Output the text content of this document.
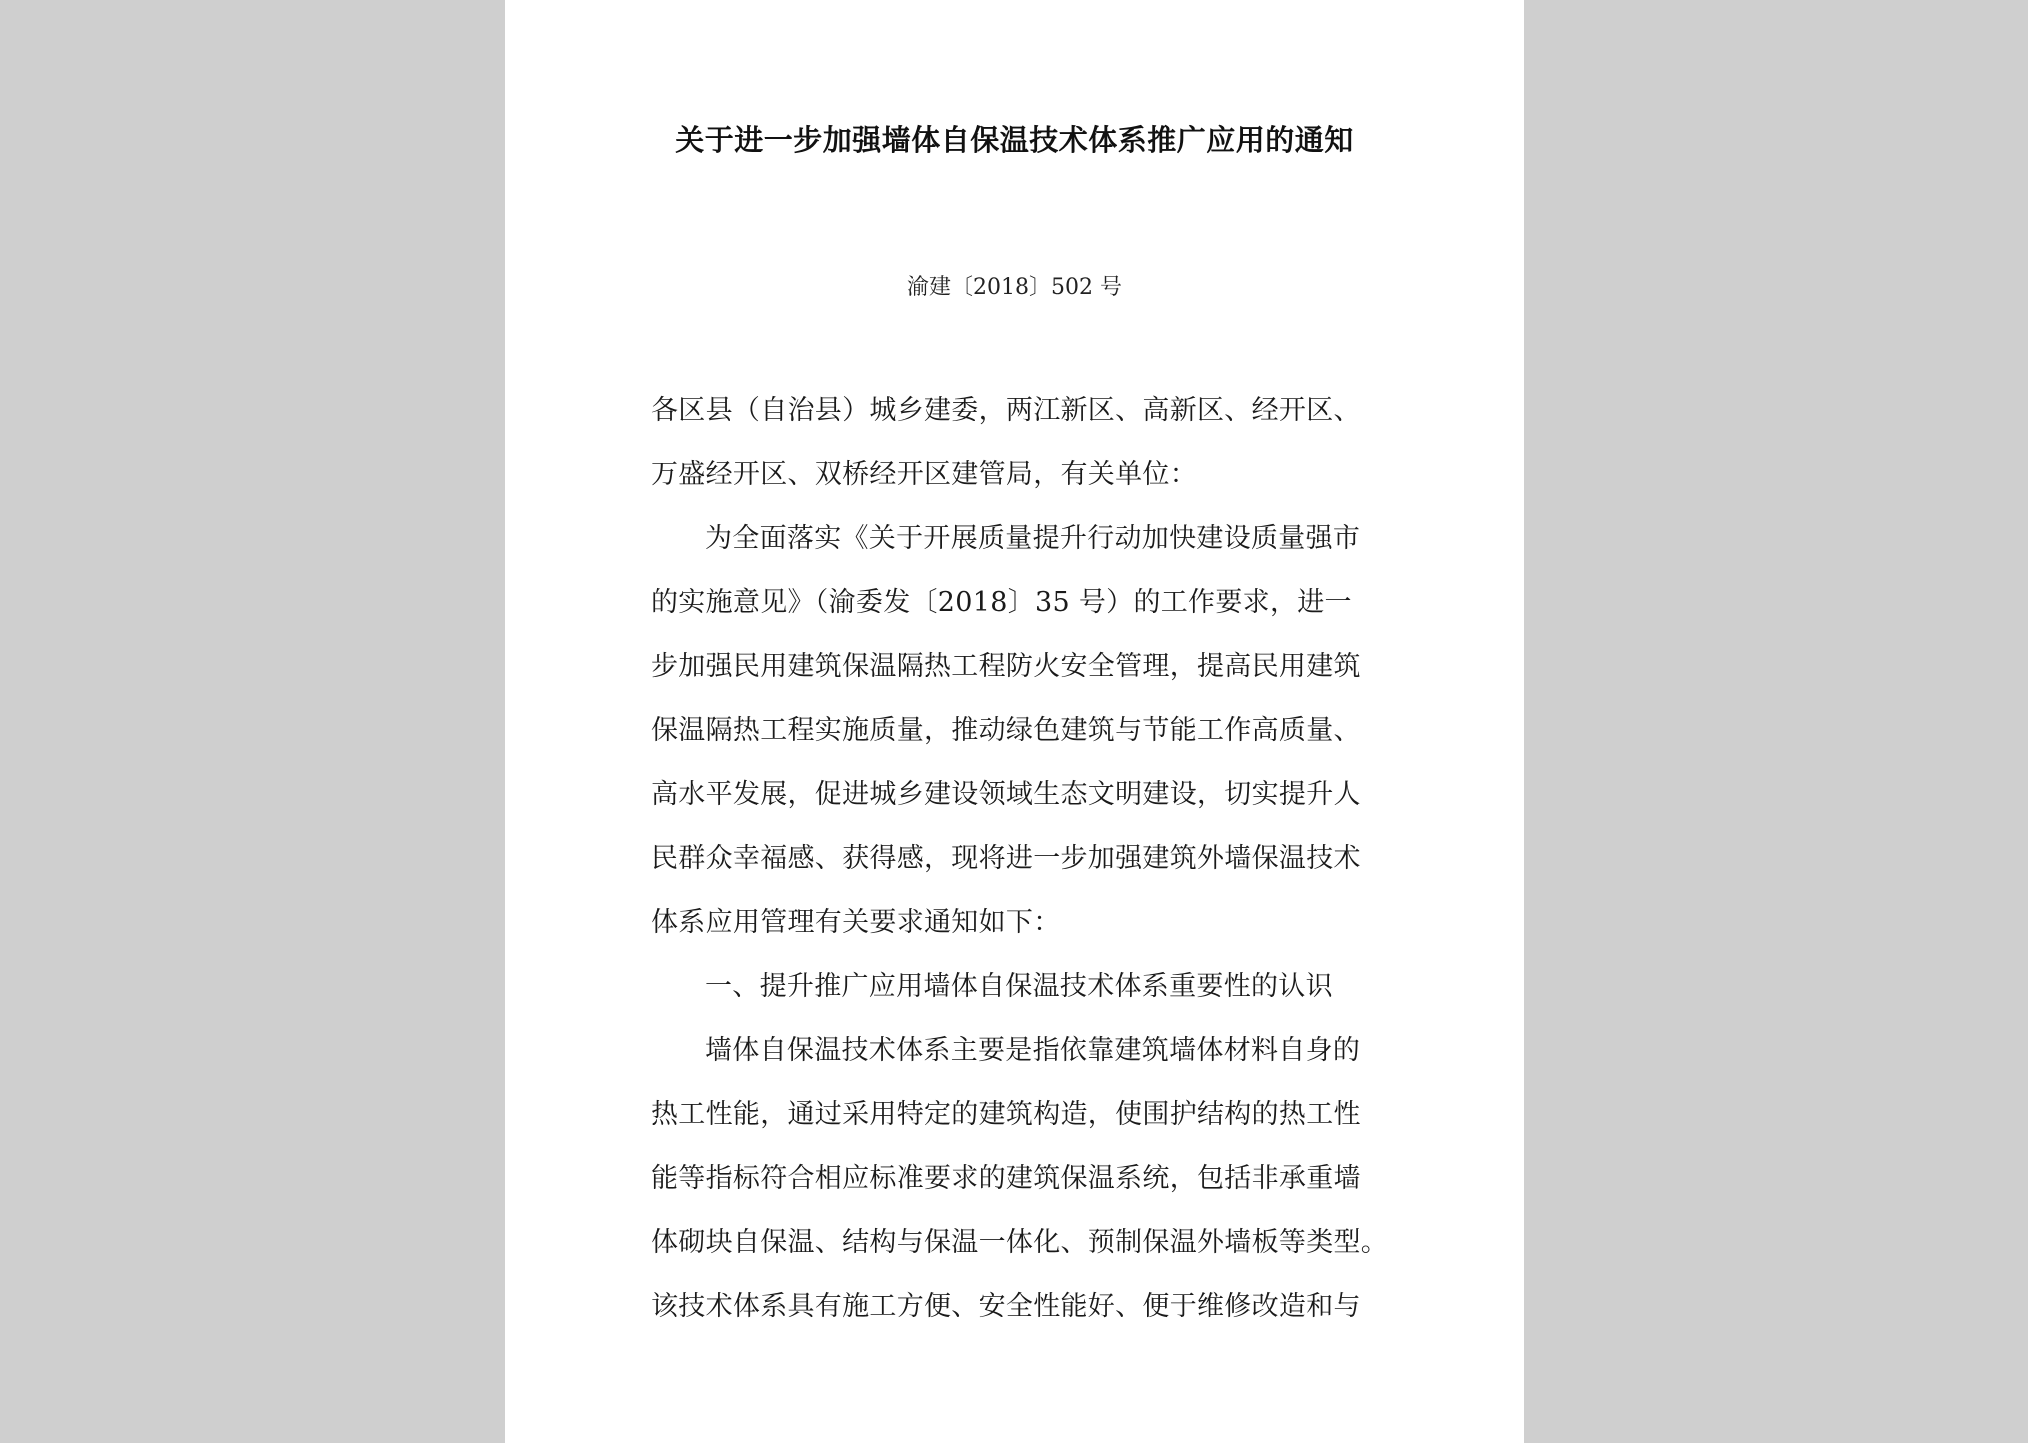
关于进一步加强墙体自保温技术体系推广应用的通知
渝建〔2018〕502 号
各区县（自治县）城乡建委，两江新区、高新区、经开区、
万盛经开区、双桥经开区建管局，有关单位：
为全面落实《关于开展质量提升行动加快建设质量强市
的实施意见》（渝委发〔2018〕35 号）的工作要求，进一
步加强民用建筑保温隔热工程防火安全管理，提高民用建筑
保温隔热工程实施质量，推动绿色建筑与节能工作高质量、
高水平发展，促进城乡建设领域生态文明建设，切实提升人
民群众幸福感、获得感，现将进一步加强建筑外墙保温技术
体系应用管理有关要求通知如下：
一、提升推广应用墙体自保温技术体系重要性的认识
墙体自保温技术体系主要是指依靠建筑墙体材料自身的
热工性能，通过采用特定的建筑构造，使围护结构的热工性
能等指标符合相应标准要求的建筑保温系统，包括非承重墙
体砌块自保温、结构与保温一体化、预制保温外墙板等类型。
该技术体系具有施工方便、安全性能好、便于维修改造和与
